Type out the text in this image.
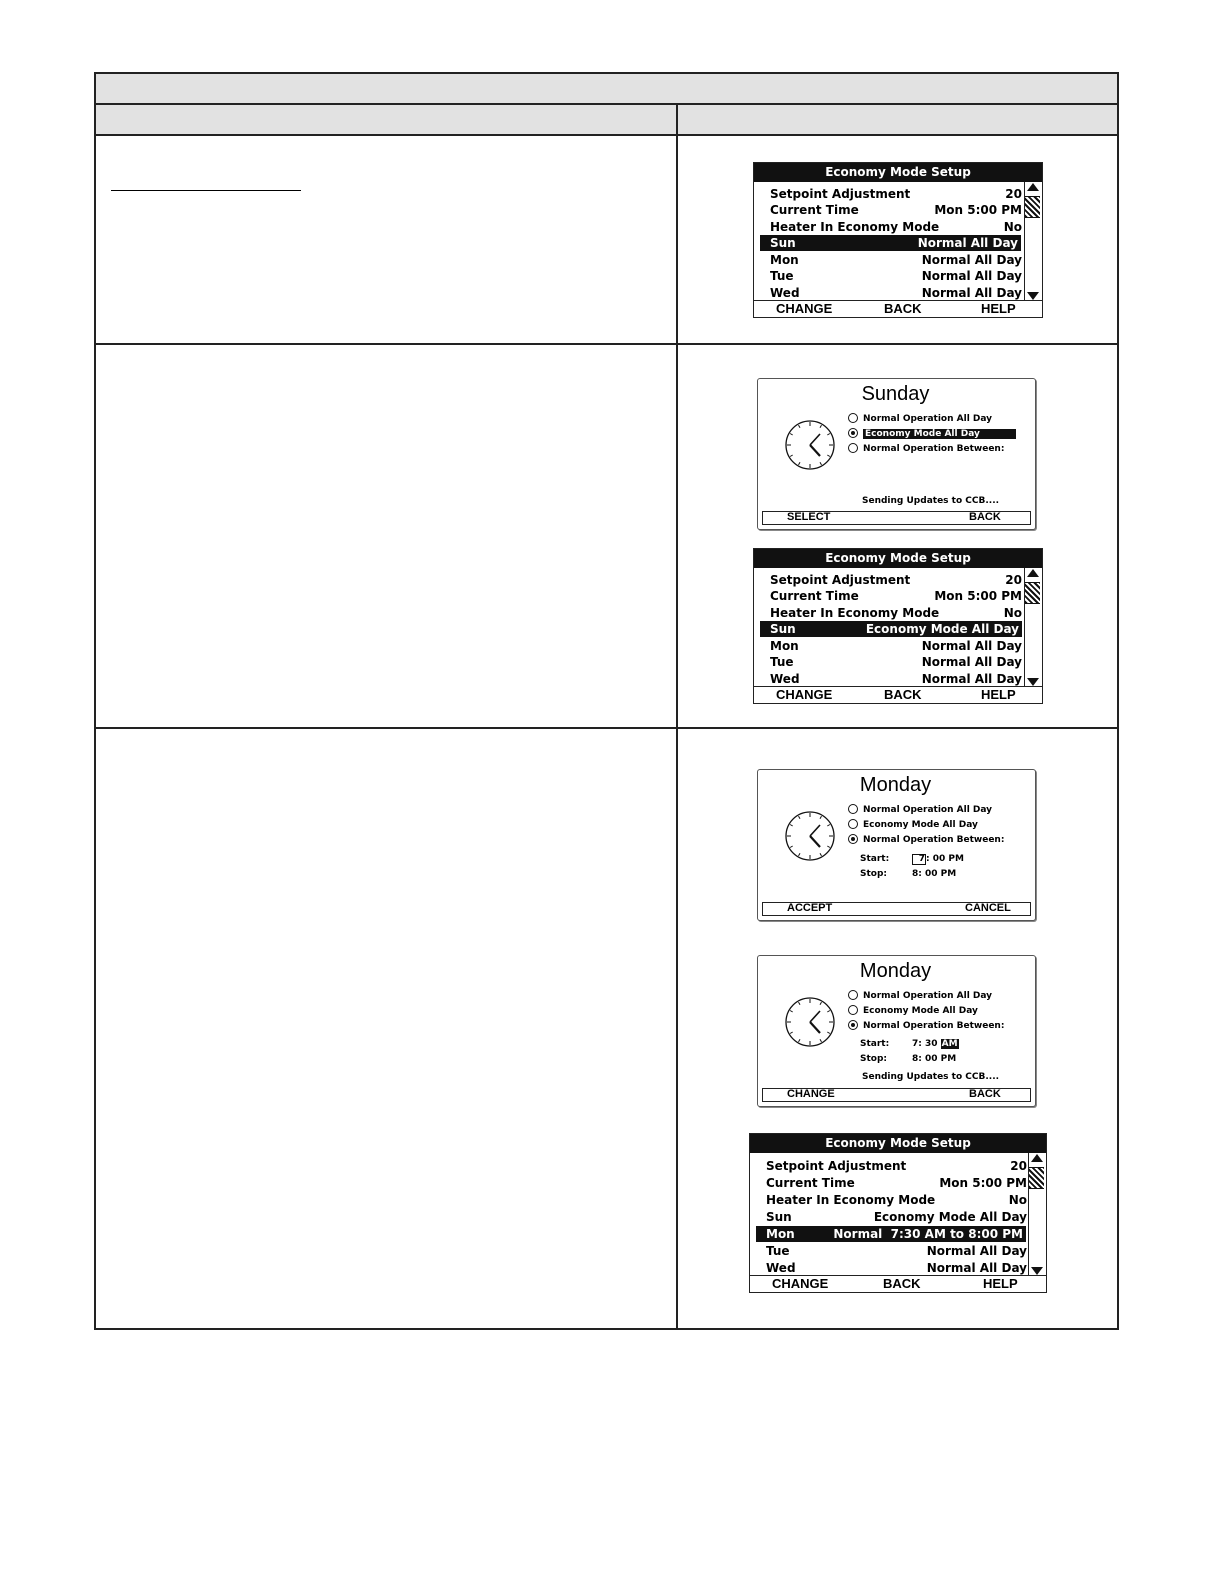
Economy Mode Setup
Setpoint Adjustment	20
Current Time	Mon 5:00 PM
Heater In Economy Mode	No
Sun	Normal All Day
Mon	Normal All Day
Tue	Normal All Day
Wed	Normal All Day
CHANGE	BACK	HELP
Sunday
Normal Operation All Day
Economy Mode All Day
Normal Operation Between:
Sending Updates to CCB....
SELECT	BACK
Economy Mode Setup
Setpoint Adjustment	20
Current Time	Mon 5:00 PM
Heater In Economy Mode	No
Sun	Economy Mode All Day
Mon	Normal All Day
Tue	Normal All Day
Wed	Normal All Day
CHANGE	BACK	HELP
Monday
Normal Operation All Day
Economy Mode All Day
Normal Operation Between:
Start:	7: 00 PM
Stop:	8: 00 PM
ACCEPT	CANCEL
Monday
Normal Operation All Day
Economy Mode All Day
Normal Operation Between:
Start:	7: 30 AM
Stop:	8: 00 PM
Sending Updates to CCB....
CHANGE	BACK
Economy Mode Setup
Setpoint Adjustment	20
Current Time	Mon 5:00 PM
Heater In Economy Mode	No
Sun	Economy Mode All Day
Mon	Normal  7:30 AM to 8:00 PM
Tue	Normal All Day
Wed	Normal All Day
CHANGE	BACK	HELP
